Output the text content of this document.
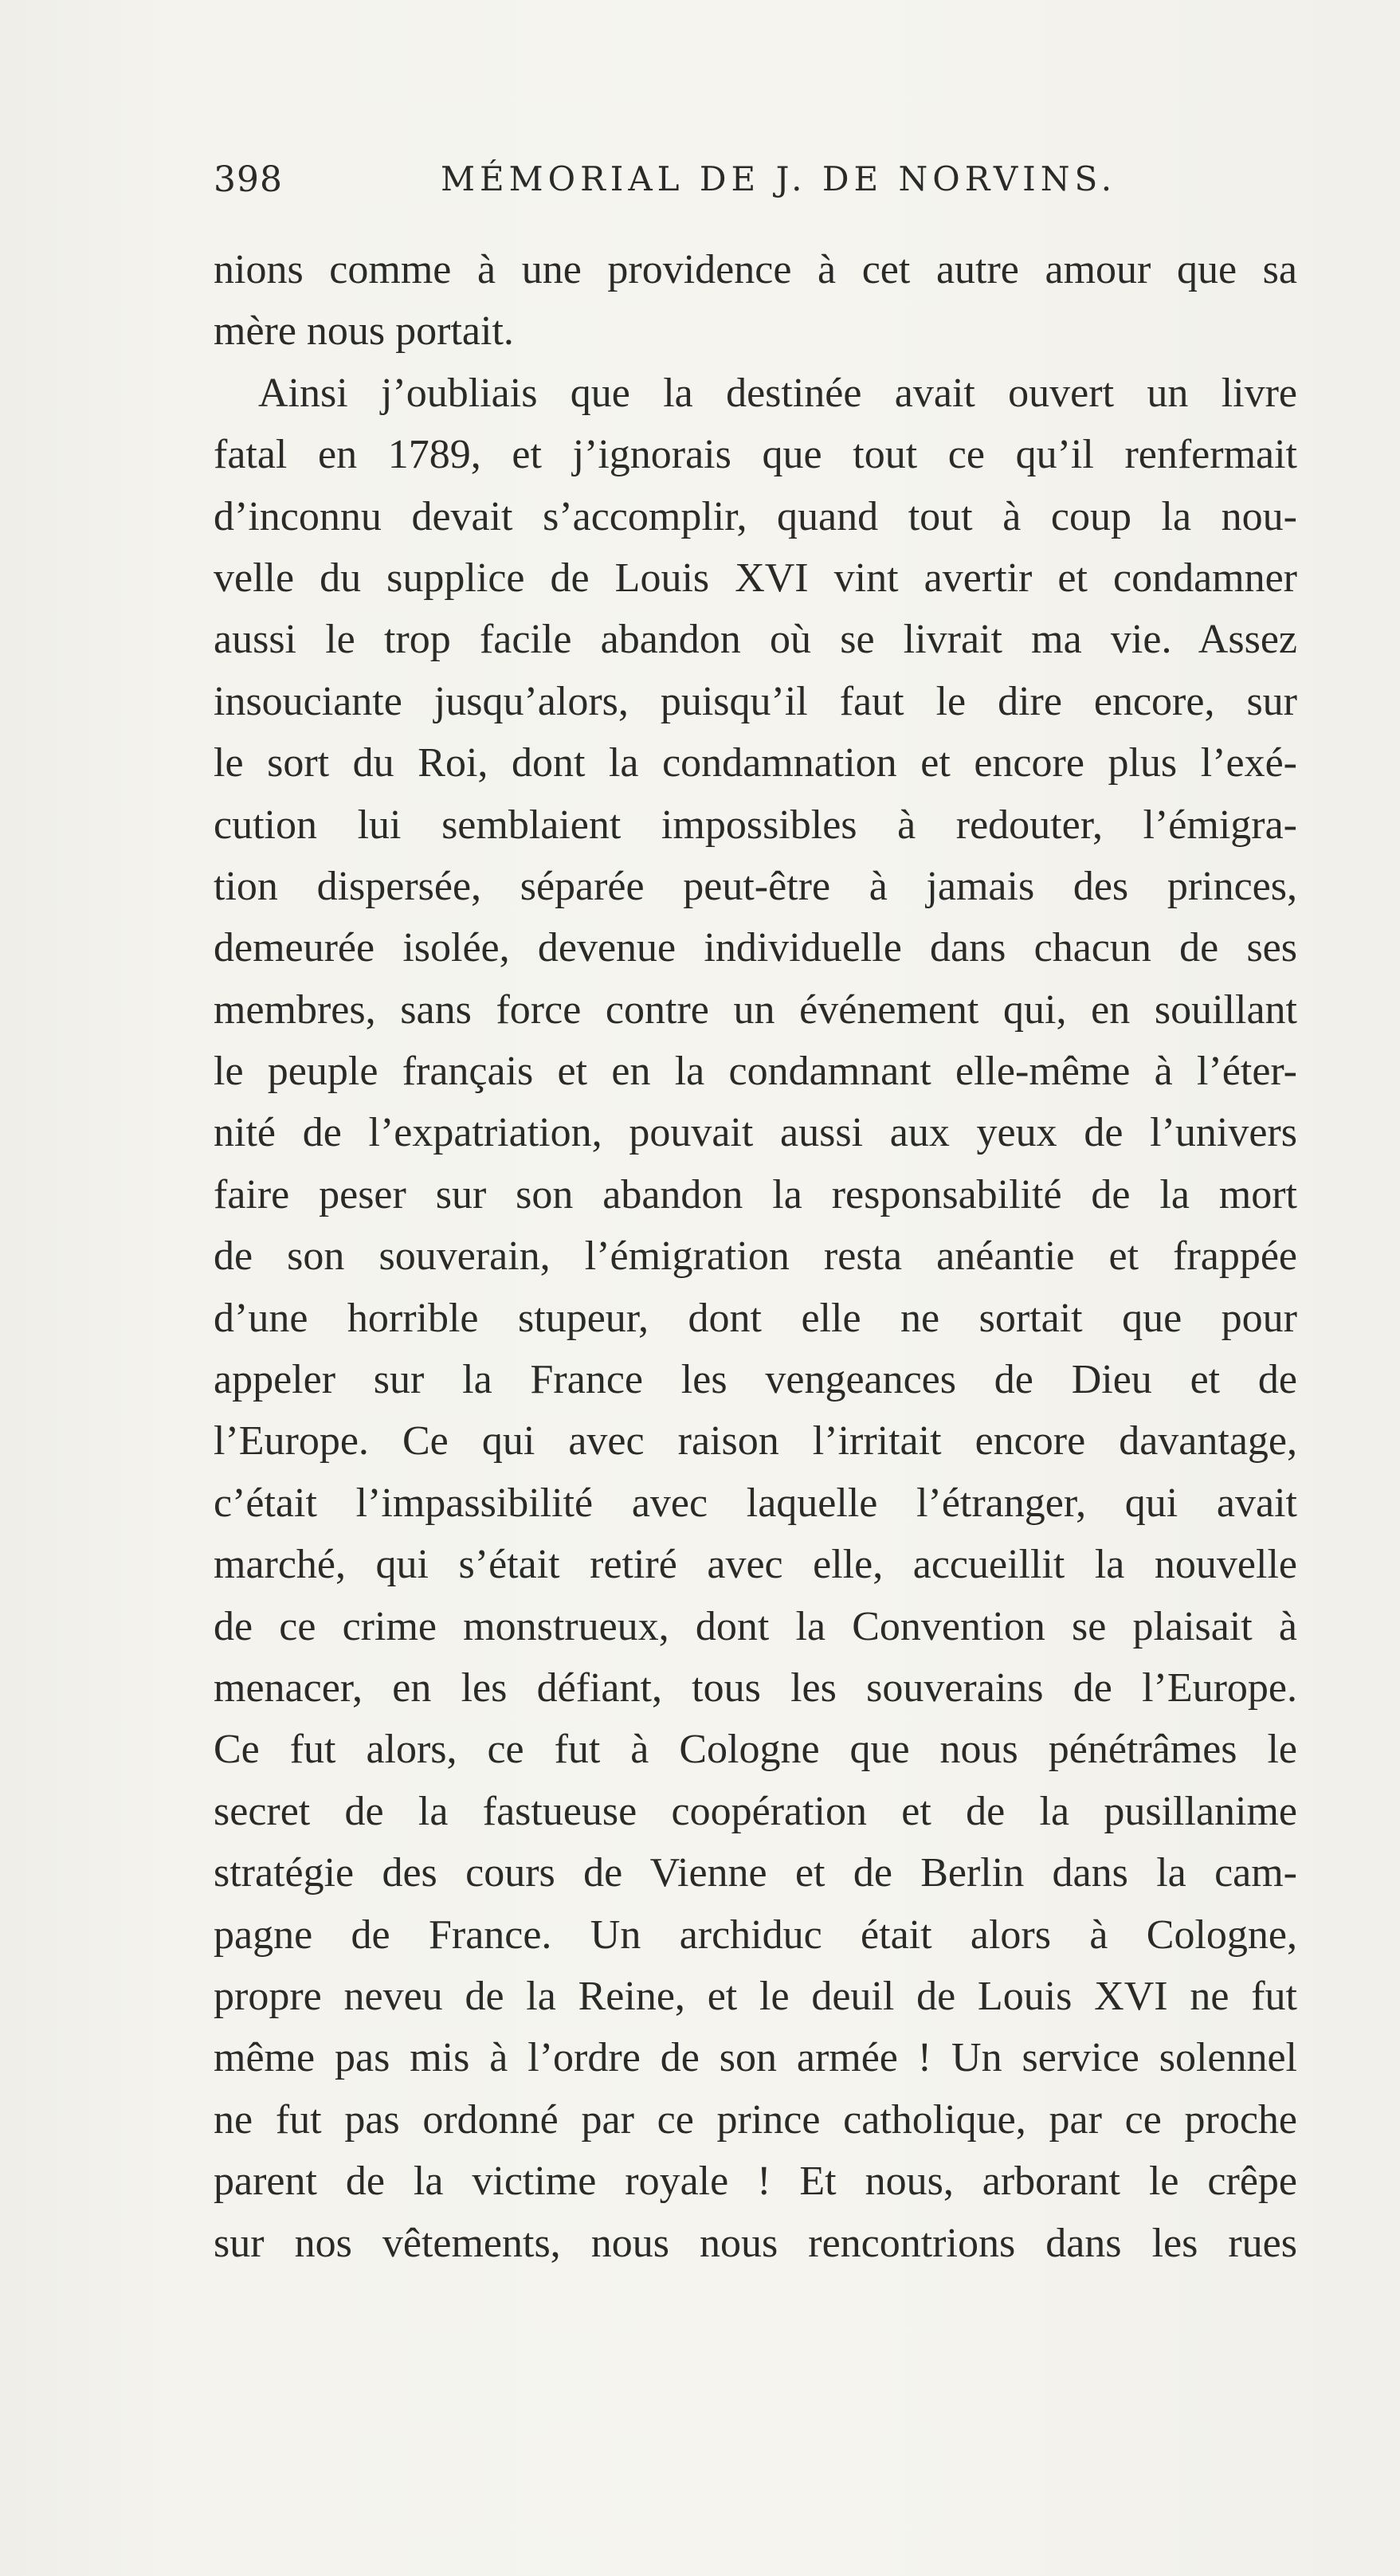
398	MÉMORIAL DE J. DE NORVINS.
nions comme à une providence à cet autre amour que sa
mère nous portait.
Ainsi j’oubliais que la destinée avait ouvert un livre
fatal en 1789, et j’ignorais que tout ce qu’il renfermait
d’inconnu devait s’accomplir, quand tout à coup la nou-
velle du supplice de Louis XVI vint avertir et condamner
aussi le trop facile abandon où se livrait ma vie. Assez
insouciante jusqu’alors, puisqu’il faut le dire encore, sur
le sort du Roi, dont la condamnation et encore plus l’exé-
cution lui semblaient impossibles à redouter, l’émigra-
tion dispersée, séparée peut-être à jamais des princes,
demeurée isolée, devenue individuelle dans chacun de ses
membres, sans force contre un événement qui, en souillant
le peuple français et en la condamnant elle-même à l’éter-
nité de l’expatriation, pouvait aussi aux yeux de l’univers
faire peser sur son abandon la responsabilité de la mort
de son souverain, l’émigration resta anéantie et frappée
d’une horrible stupeur, dont elle ne sortait que pour
appeler sur la France les vengeances de Dieu et de
l’Europe. Ce qui avec raison l’irritait encore davantage,
c’était l’impassibilité avec laquelle l’étranger, qui avait
marché, qui s’était retiré avec elle, accueillit la nouvelle
de ce crime monstrueux, dont la Convention se plaisait à
menacer, en les défiant, tous les souverains de l’Europe.
Ce fut alors, ce fut à Cologne que nous pénétrâmes le
secret de la fastueuse coopération et de la pusillanime
stratégie des cours de Vienne et de Berlin dans la cam-
pagne de France. Un archiduc était alors à Cologne,
propre neveu de la Reine, et le deuil de Louis XVI ne fut
même pas mis à l’ordre de son armée ! Un service solennel
ne fut pas ordonné par ce prince catholique, par ce proche
parent de la victime royale ! Et nous, arborant le crêpe
sur nos vêtements, nous nous rencontrions dans les rues
